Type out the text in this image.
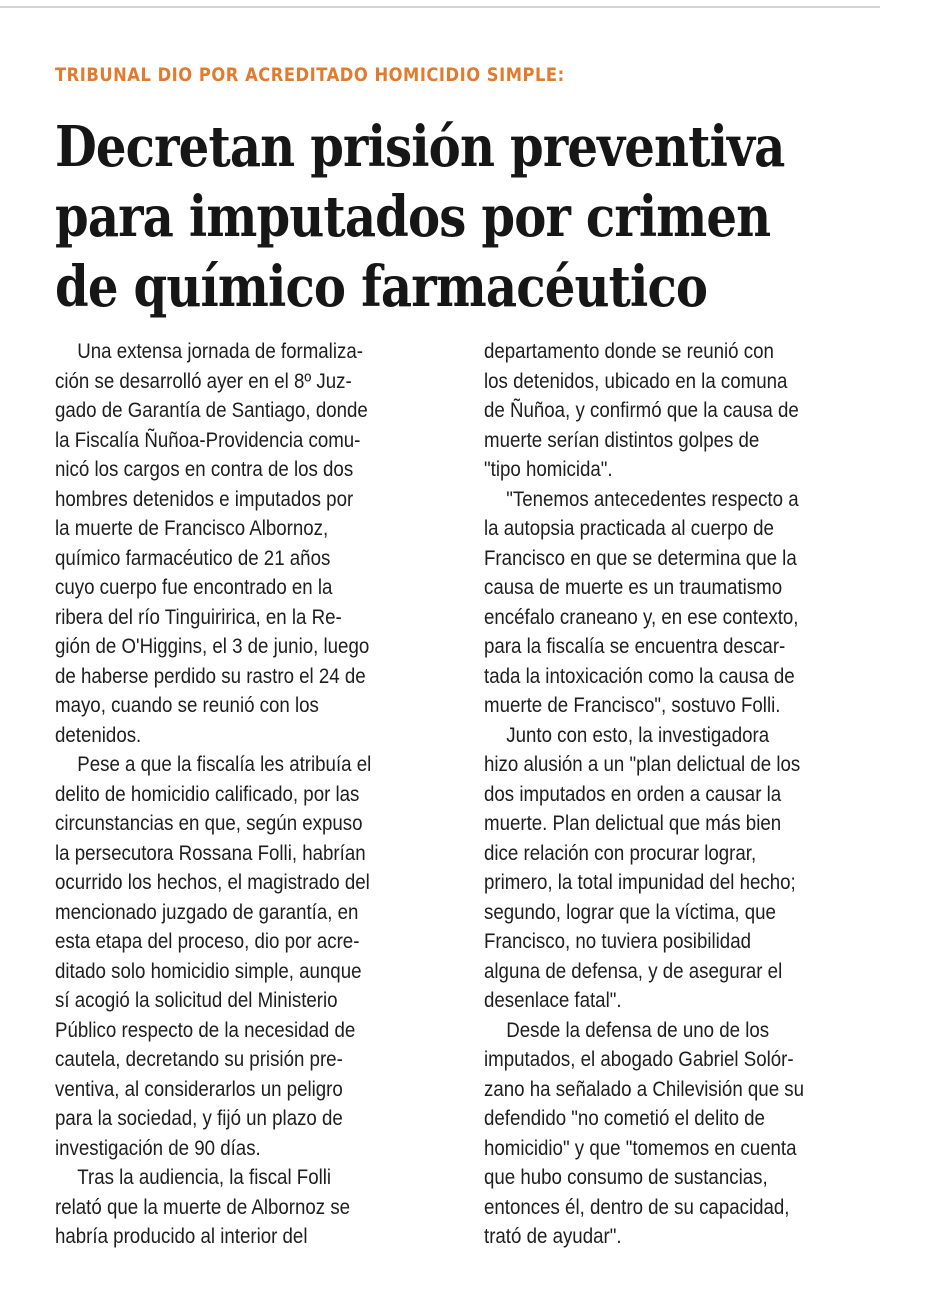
TRIBUNAL DIO POR ACREDITADO HOMICIDIO SIMPLE:
Decretan prisión preventiva
para imputados por crimen
de químico farmacéutico

Una extensa jornada de formaliza-
ción se desarrolló ayer en el 8º Juz-
gado de Garantía de Santiago, donde
la Fiscalía Ñuñoa-Providencia comu-
nicó los cargos en contra de los dos
hombres detenidos e imputados por
la muerte de Francisco Albornoz,
químico farmacéutico de 21 años
cuyo cuerpo fue encontrado en la
ribera del río Tinguiririca, en la Re-
gión de O'Higgins, el 3 de junio, luego
de haberse perdido su rastro el 24 de
mayo, cuando se reunió con los
detenidos.

Pese a que la fiscalía les atribuía el
delito de homicidio calificado, por las
circunstancias en que, según expuso
la persecutora Rossana Folli, habrían
ocurrido los hechos, el magistrado del
mencionado juzgado de garantía, en
esta etapa del proceso, dio por acre-
ditado solo homicidio simple, aunque
sí acogió la solicitud del Ministerio
Público respecto de la necesidad de
cautela, decretando su prisión pre-
ventiva, al considerarlos un peligro
para la sociedad, y fijó un plazo de
investigación de 90 días.

Tras la audiencia, la fiscal Folli
relató que la muerte de Albornoz se
habría producido al interior del

departamento donde se reunió con
los detenidos, ubicado en la comuna
de Ñuñoa, y confirmó que la causa de
muerte serían distintos golpes de
"tipo homicida".

"Tenemos antecedentes respecto a
la autopsia practicada al cuerpo de
Francisco en que se determina que la
causa de muerte es un traumatismo
encéfalo craneano y, en ese contexto,
para la fiscalía se encuentra descar-
tada la intoxicación como la causa de
muerte de Francisco", sostuvo Folli.

Junto con esto, la investigadora
hizo alusión a un "plan delictual de los
dos imputados en orden a causar la
muerte. Plan delictual que más bien
dice relación con procurar lograr,
primero, la total impunidad del hecho;
segundo, lograr que la víctima, que
Francisco, no tuviera posibilidad
alguna de defensa, y de asegurar el
desenlace fatal".

Desde la defensa de uno de los
imputados, el abogado Gabriel Solór-
zano ha señalado a Chilevisión que su
defendido "no cometió el delito de
homicidio" y que "tomemos en cuenta
que hubo consumo de sustancias,
entonces él, dentro de su capacidad,
trató de ayudar".
